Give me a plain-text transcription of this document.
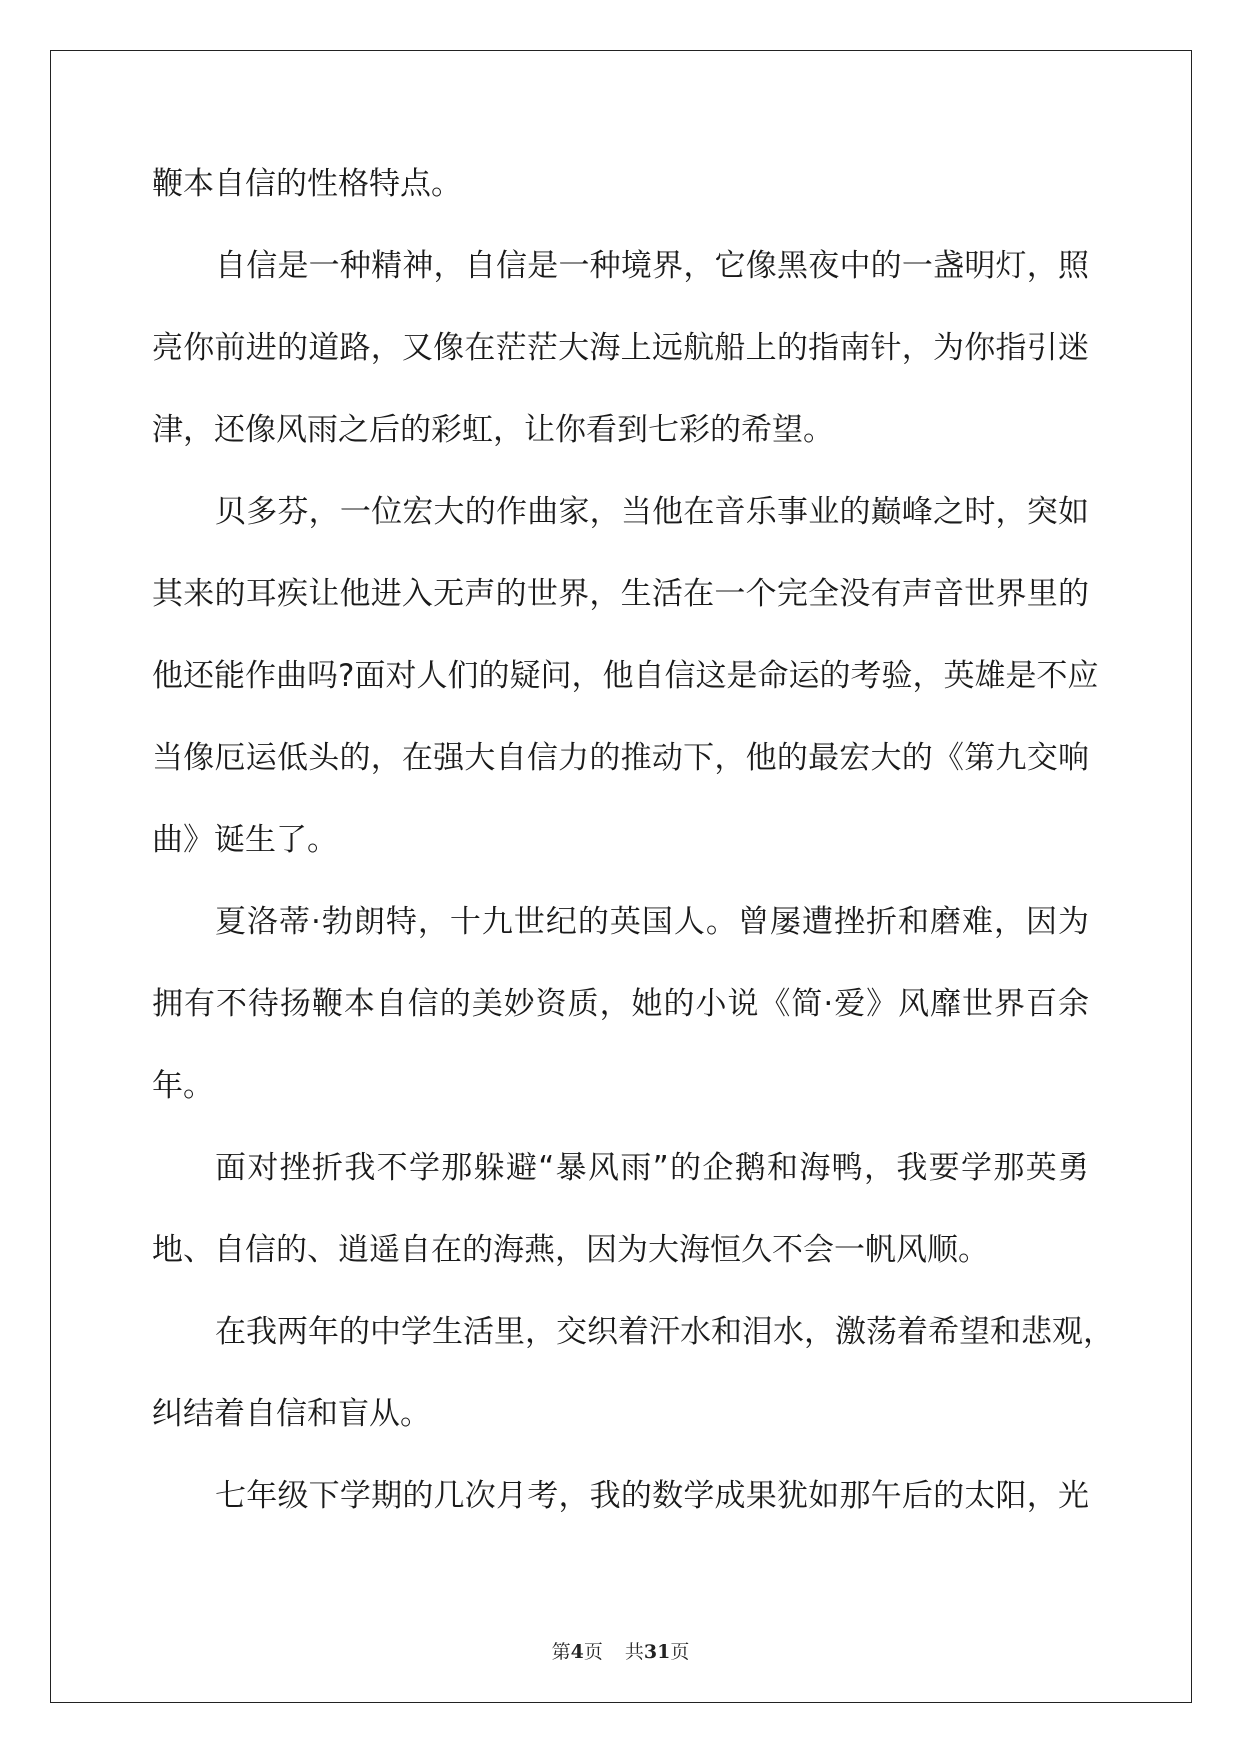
鞭本自信的性格特点。
自信是一种精神，自信是一种境界，它像黑夜中的一盏明灯，照
亮你前进的道路，又像在茫茫大海上远航船上的指南针，为你指引迷
津，还像风雨之后的彩虹，让你看到七彩的希望。
贝多芬，一位宏大的作曲家，当他在音乐事业的巅峰之时，突如
其来的耳疾让他进入无声的世界，生活在一个完全没有声音世界里的
他还能作曲吗?面对人们的疑问，他自信这是命运的考验，英雄是不应
当像厄运低头的，在强大自信力的推动下，他的最宏大的《第九交响
曲》诞生了。
夏洛蒂·勃朗特，十九世纪的英国人。曾屡遭挫折和磨难，因为
拥有不待扬鞭本自信的美妙资质，她的小说《简·爱》风靡世界百余
年。
面对挫折我不学那躲避“暴风雨”的企鹅和海鸭，我要学那英勇
地、自信的、逍遥自在的海燕，因为大海恒久不会一帆风顺。
在我两年的中学生活里，交织着汗水和泪水，激荡着希望和悲观，
纠结着自信和盲从。
七年级下学期的几次月考，我的数学成果犹如那午后的太阳，光
第4页 共31页
